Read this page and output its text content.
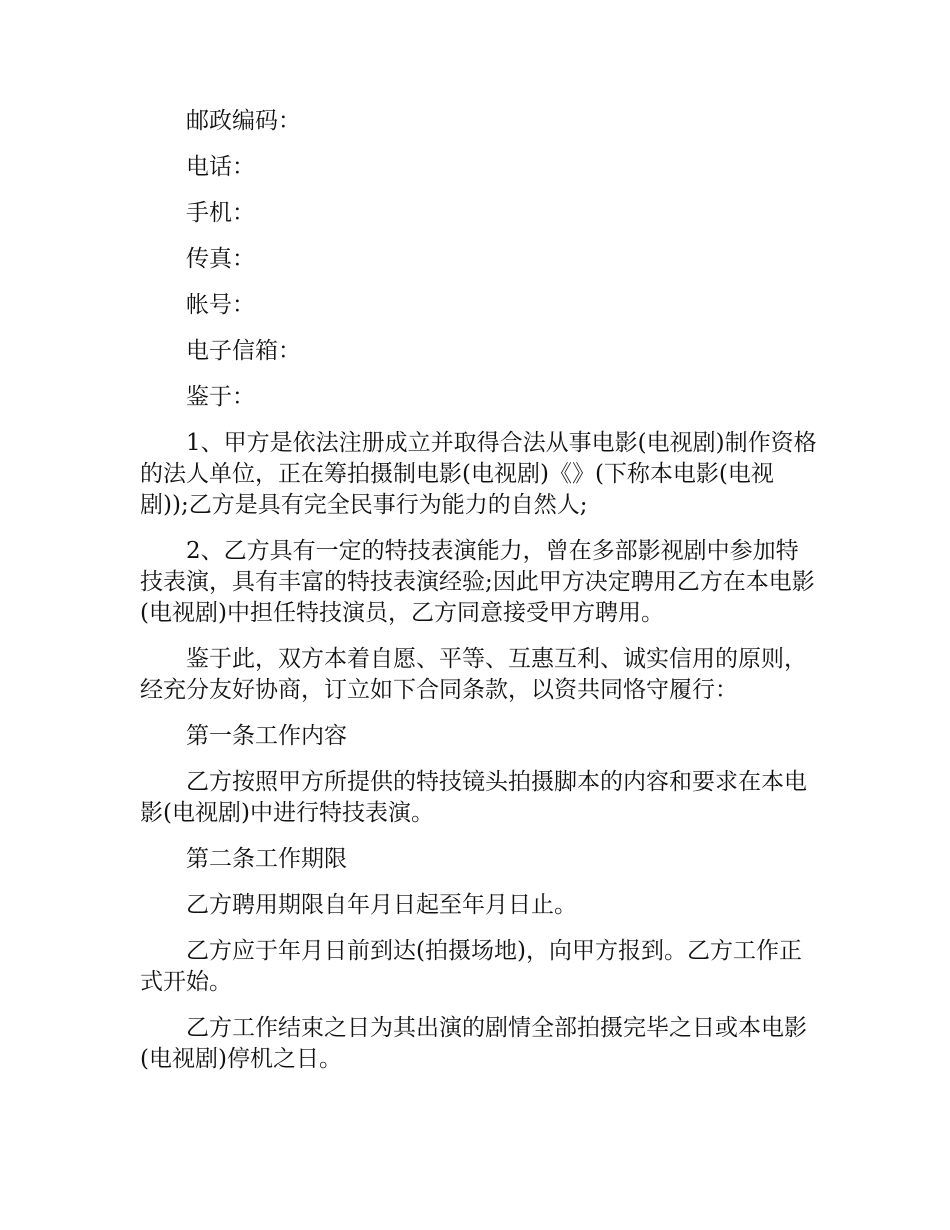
邮政编码：

电话：

手机：

传真：

帐号：

电子信箱：

鉴于：

1、甲方是依法注册成立并取得合法从事电影(电视剧)制作资格的法人单位，正在筹拍摄制电影(电视剧)《》(下称本电影(电视剧));乙方是具有完全民事行为能力的自然人;

2、乙方具有一定的特技表演能力，曾在多部影视剧中参加特技表演，具有丰富的特技表演经验;因此甲方决定聘用乙方在本电影(电视剧)中担任特技演员，乙方同意接受甲方聘用。

鉴于此，双方本着自愿、平等、互惠互利、诚实信用的原则，经充分友好协商，订立如下合同条款，以资共同恪守履行：

第一条工作内容

乙方按照甲方所提供的特技镜头拍摄脚本的内容和要求在本电影(电视剧)中进行特技表演。

第二条工作期限

乙方聘用期限自年月日起至年月日止。

乙方应于年月日前到达(拍摄场地)，向甲方报到。乙方工作正式开始。

乙方工作结束之日为其出演的剧情全部拍摄完毕之日或本电影(电视剧)停机之日。
